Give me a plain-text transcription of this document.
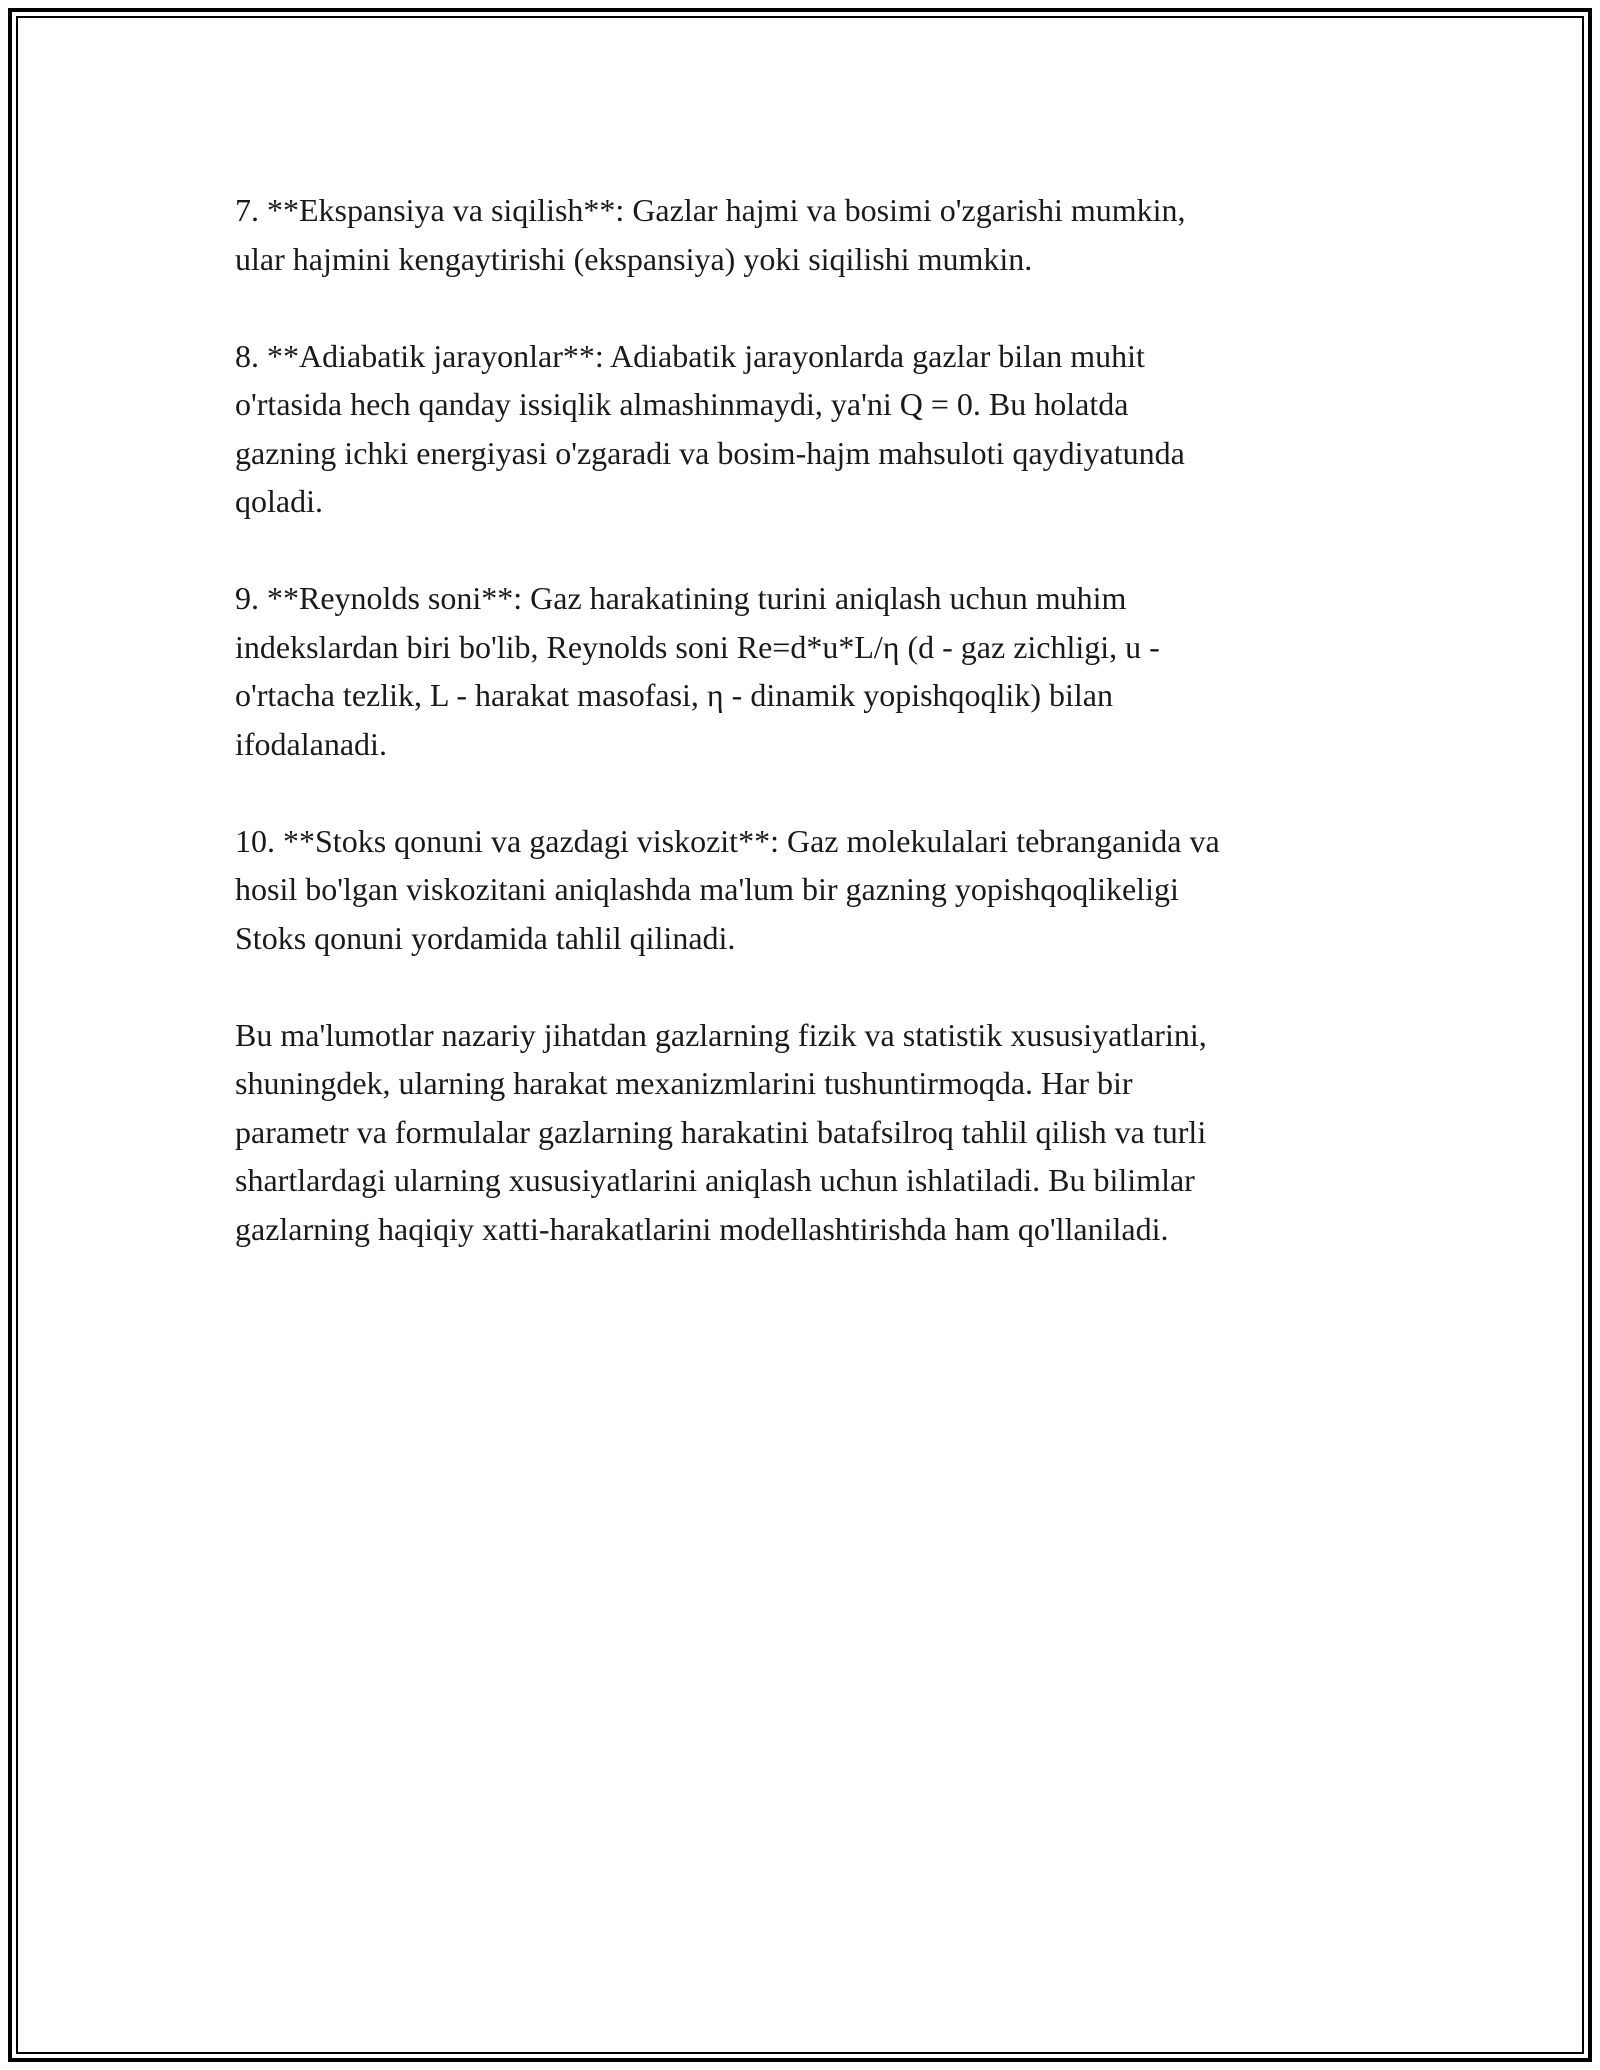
7. **Ekspansiya va siqilish**: Gazlar hajmi va bosimi o'zgarishi mumkin,
ular hajmini kengaytirishi (ekspansiya) yoki siqilishi mumkin.

8. **Adiabatik jarayonlar**: Adiabatik jarayonlarda gazlar bilan muhit
o'rtasida hech qanday issiqlik almashinmaydi, ya'ni Q = 0. Bu holatda
gazning ichki energiyasi o'zgaradi va bosim-hajm mahsuloti qaydiyatunda
qoladi.

9. **Reynolds soni**: Gaz harakatining turini aniqlash uchun muhim
indekslardan biri bo'lib, Reynolds soni Re=d*u*L/η (d - gaz zichligi, u -
o'rtacha tezlik, L - harakat masofasi, η - dinamik yopishqoqlik) bilan
ifodalanadi.

10. **Stoks qonuni va gazdagi viskozit**: Gaz molekulalari tebranganida va
hosil bo'lgan viskozitani aniqlashda ma'lum bir gazning yopishqoqlikeligi
Stoks qonuni yordamida tahlil qilinadi.

Bu ma'lumotlar nazariy jihatdan gazlarning fizik va statistik xususiyatlarini,
shuningdek, ularning harakat mexanizmlarini tushuntirmoqda. Har bir
parametr va formulalar gazlarning harakatini batafsilroq tahlil qilish va turli
shartlardagi ularning xususiyatlarini aniqlash uchun ishlatiladi. Bu bilimlar
gazlarning haqiqiy xatti-harakatlarini modellashtirishda ham qo'llaniladi.
